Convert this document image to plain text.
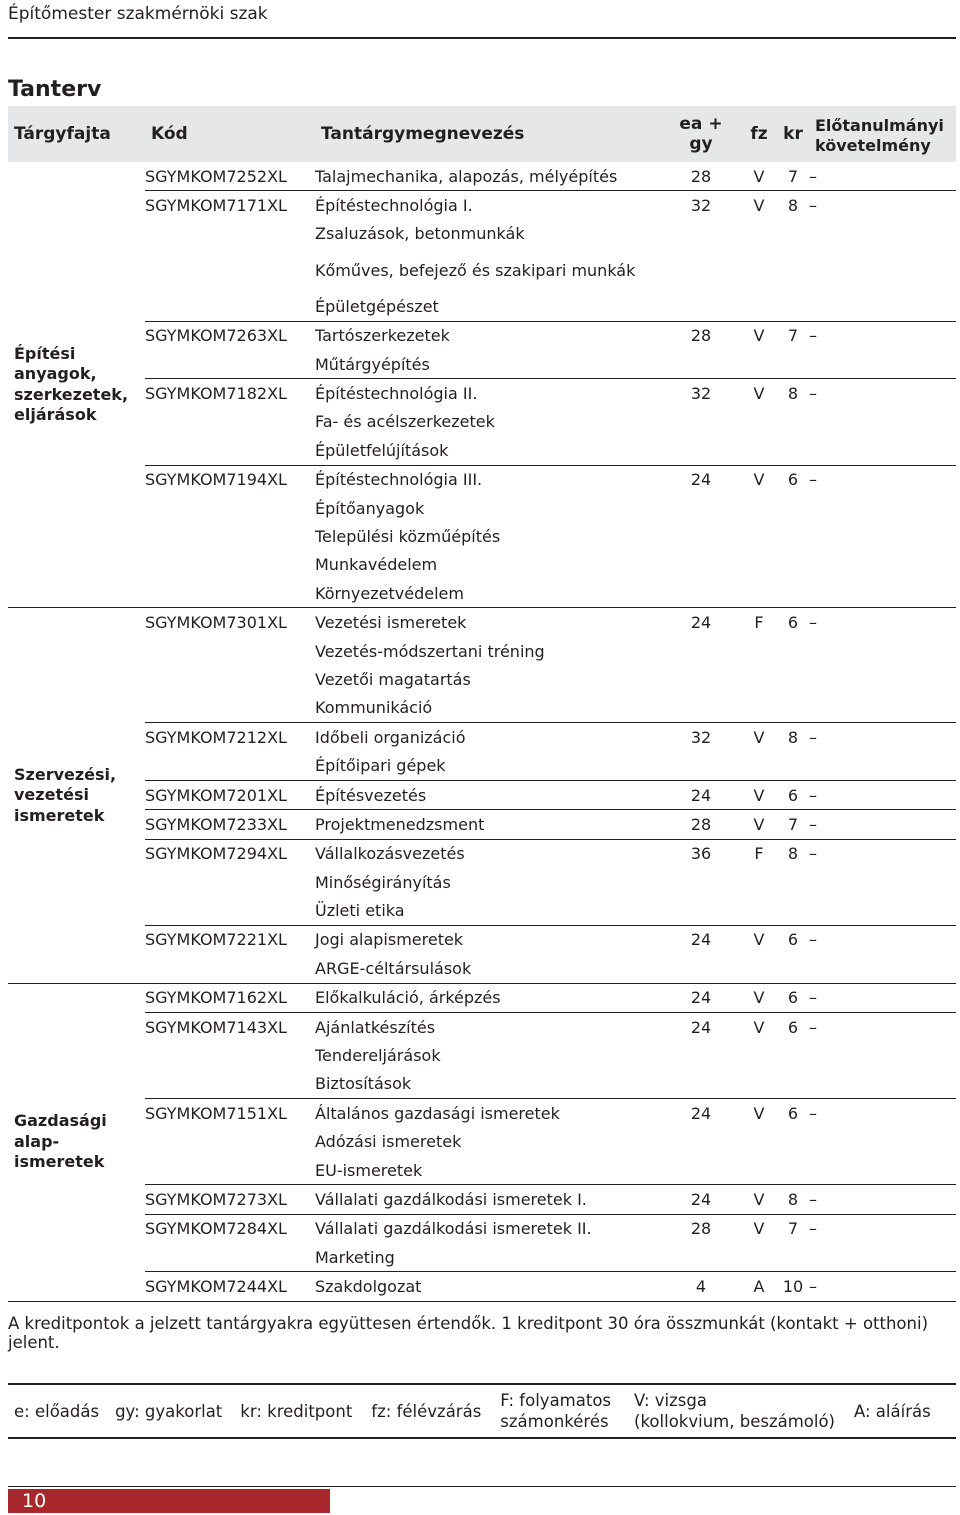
Építőmester szakmérnöki szak
Tanterv
Tárgyfajta	Kód	Tantárgymegnevezés	ea + gy	fz	kr	Előtanulmányi követelmény
Építési anyagok, szerkezetek, eljárások	SGYMKOM7252XL	Talajmechanika, alapozás, mélyépítés	28	V	7	–
	SGYMKOM7171XL	Építéstechnológia I.	32	V	8	–
		Zsaluzások, betonmunkák				
		Kőműves, befejező és szakipari munkák				
		Épületgépészet				
	SGYMKOM7263XL	Tartószerkezetek	28	V	7	–
		Műtárgyépítés				
	SGYMKOM7182XL	Építéstechnológia II.	32	V	8	–
		Fa- és acélszerkezetek				
		Épületfelújítások				
	SGYMKOM7194XL	Építéstechnológia III.	24	V	6	–
		Építőanyagok				
		Települési közműépítés				
		Munkavédelem				
		Környezetvédelem				
Szervezési, vezetési ismeretek	SGYMKOM7301XL	Vezetési ismeretek	24	F	6	–
		Vezetés-módszertani tréning				
		Vezetői magatartás				
		Kommunikáció				
	SGYMKOM7212XL	Időbeli organizáció	32	V	8	–
		Építőipari gépek				
	SGYMKOM7201XL	Építésvezetés	24	V	6	–
	SGYMKOM7233XL	Projektmenedzsment	28	V	7	–
	SGYMKOM7294XL	Vállalkozásvezetés	36	F	8	–
		Minőségirányítás				
		Üzleti etika				
	SGYMKOM7221XL	Jogi alapismeretek	24	V	6	–
		ARGE-céltársulások				
Gazdasági alap-ismeretek	SGYMKOM7162XL	Előkalkuláció, árképzés	24	V	6	–
	SGYMKOM7143XL	Ajánlatkészítés	24	V	6	–
		Tendereljárások				
		Biztosítások				
	SGYMKOM7151XL	Általános gazdasági ismeretek	24	V	6	–
		Adózási ismeretek				
		EU-ismeretek				
	SGYMKOM7273XL	Vállalati gazdálkodási ismeretek I.	24	V	8	–
	SGYMKOM7284XL	Vállalati gazdálkodási ismeretek II.	28	V	7	–
		Marketing				
	SGYMKOM7244XL	Szakdolgozat	4	A	10	–
A kreditpontok a jelzett tantárgyakra együttesen értendők. 1 kreditpont 30 óra összmunkát (kontakt + otthoni) jelent.
e: előadás gy: gyakorlat kr: kreditpont fz: félévzárás
F: folyamatos
számonkérés
V: vizsga
(kollokvium, beszámoló)
A: aláírás
10
